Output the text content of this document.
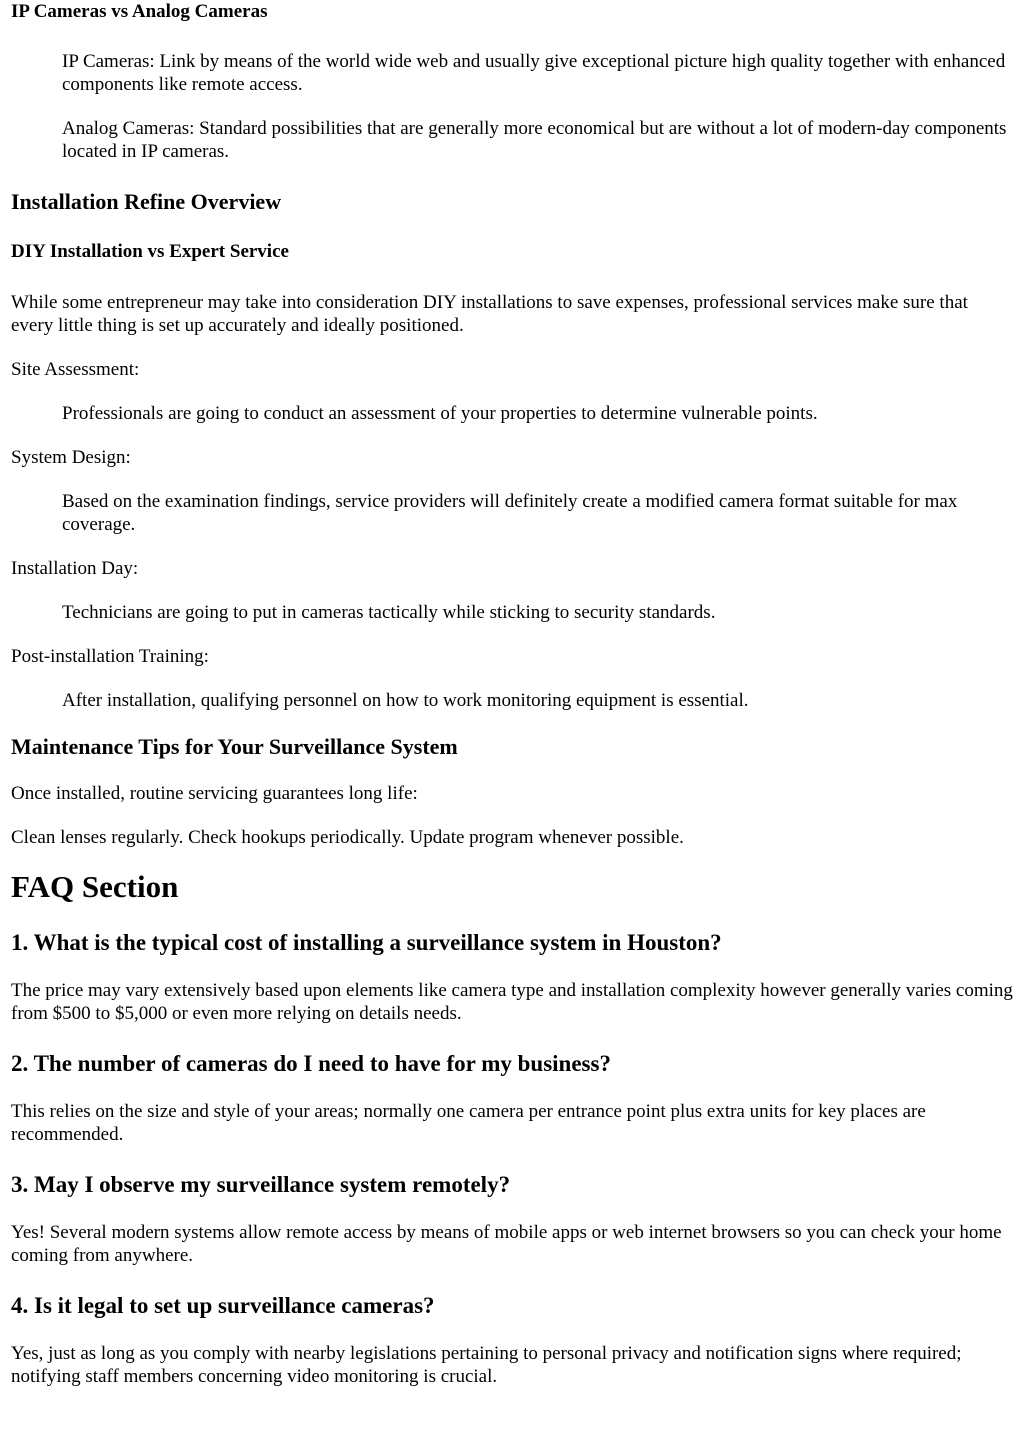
IP Cameras vs Analog Cameras
IP Cameras: Link by means of the world wide web and usually give exceptional picture high quality together with enhanced components like remote access.
Analog Cameras: Standard possibilities that are generally more economical but are without a lot of modern-day components located in IP cameras.
Installation Refine Overview
DIY Installation vs Expert Service
While some entrepreneur may take into consideration DIY installations to save expenses, professional services make sure that every little thing is set up accurately and ideally positioned.
Site Assessment:
Professionals are going to conduct an assessment of your properties to determine vulnerable points.
System Design:
Based on the examination findings, service providers will definitely create a modified camera format suitable for max coverage.
Installation Day:
Technicians are going to put in cameras tactically while sticking to security standards.
Post-installation Training:
After installation, qualifying personnel on how to work monitoring equipment is essential.
Maintenance Tips for Your Surveillance System
Once installed, routine servicing guarantees long life:
Clean lenses regularly. Check hookups periodically. Update program whenever possible.
FAQ Section
1. What is the typical cost of installing a surveillance system in Houston?
The price may vary extensively based upon elements like camera type and installation complexity however generally varies coming from $500 to $5,000 or even more relying on details needs.
2. The number of cameras do I need to have for my business?
This relies on the size and style of your areas; normally one camera per entrance point plus extra units for key places are recommended.
3. May I observe my surveillance system remotely?
Yes! Several modern systems allow remote access by means of mobile apps or web internet browsers so you can check your home coming from anywhere.
4. Is it legal to set up surveillance cameras?
Yes, just as long as you comply with nearby legislations pertaining to personal privacy and notification signs where required; notifying staff members concerning video monitoring is crucial.
